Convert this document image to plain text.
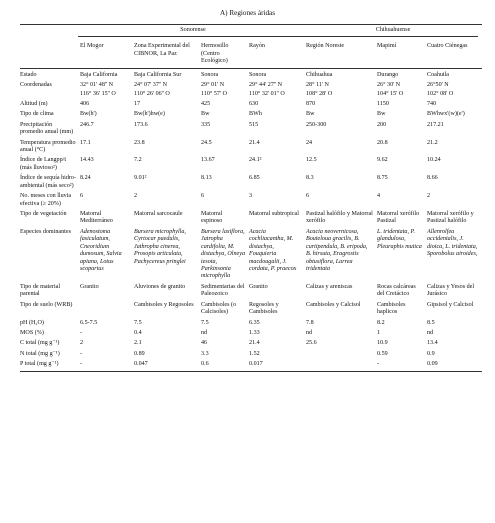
A) Regiones áridas
	Sonorense				Chihuahuense		
	El Mogor	Zona Experimental del CIBNOR, La Paz	Hermosillo (Centro Ecológico)	Rayón	Región Noreste	Mapimí	Cuatro Ciénegas
Estado	Baja California	Baja California Sur	Sonora	Sonora	Chihuahua	Durango	Coahuila
Coordenadas	32° 01' 48'' N	24° 07' 37'' N	29° 01' N	29° 44' 27'' N	28° 11' N	26° 30' N	26°50' N
	116° 36' 15'' O	110° 26' 06'' O	110° 57' O	110° 32' 01'' O	108° 28' O	104° 15' O	102° 08' O
Altitud (m)	406	17	425	630	870	1150	740
Tipo de clima	Bw(h')	Bw(h')hw(e)	Bw	BWh	Bw	Bw	BWhwx'(w)(e')
Precipitación promedio anual (mm)	246.7	173.6	335	515	250-300	200	217.21
Temperatura promedio anual (°C)	17.1	23.8	24.5	21.4	24	20.8	21.2
Índice de Langpp/t (más lluvioso²)	14.43	7.2	13.67	24.1²	12.5	9.62	10.24
Índice de sequía hidro-ambiental (más seco²)	8.24	9.01²	8.13	6.85	8.3	8.75	8.66
No. meses con lluvia efectiva (≥ 20%)	6	2	6	3	6	4	2
Tipo de vegetación	Matorral Mediterráneo	Matorral sarcocaule	Matorral espinoso	Matorral subtropical	Pastizal halófilo y Matorral xerófilo	Matorral xerófilo Pastizal	Matorral xerófilo y Pastizal halófilo
Especies dominantes	Adenostoma fasiculatum, Cneoridium dumosum, Salvia apiana, Lotus scoparius	Bursera microphylla, Cyrtocar paedulis, Jathropha cinerea, Prosopis articulata, Pachycereus pringlei	Bursera laxiflora, Jatropha cardifolia, M. distachya, Olneya tesota, Parkinsonia microphylla	Acacia cochliacantha, M. distachya, Fouquieria macdougalii, J. cordata, P. praecox	Acacia neovernicosa, Bouteloua gracilis, B. curtipendula, B. eripoda, B. hirsuta, Eragrostis obtusiflora, Larrea tridentata	L. tridentata, P. glandulosa, Pleuraphis mutica	Allenrolfea occidentalis, J. dioica, L. tridentata, Sporobolus airoides,
Tipo de material parental	Granito	Aluviones de granito	Sedimentarias del Paleozoico	Granito	Calizas y areniscas	Rocas calcáreas del Cretácico	Calizas y Yesos del Jurásico
Tipo de suelo (WRB)		Cambisoles y Regosoles	Cambisoles (o Calcisoles)	Regosoles y Cambisoles	Cambisoles y Calcisol	Cambisoles haplicos	Gipsisol y Calcisol
pH (H₂O)	6.5-7.5	7.5	7.5	6.35	7.8	8.2	8.5
MOS (%)	-	0.4	nd	1.33	nd	1	nd
C total (mg g⁻¹)	2	2.1	46	21.4	25.6	10.9	13.4
N total (mg g⁻¹)	-	0.89	3.3	1.52		0.59	0.9
P total (mg g⁻¹)	-	0.047	0.6	0.017		-	0.09
